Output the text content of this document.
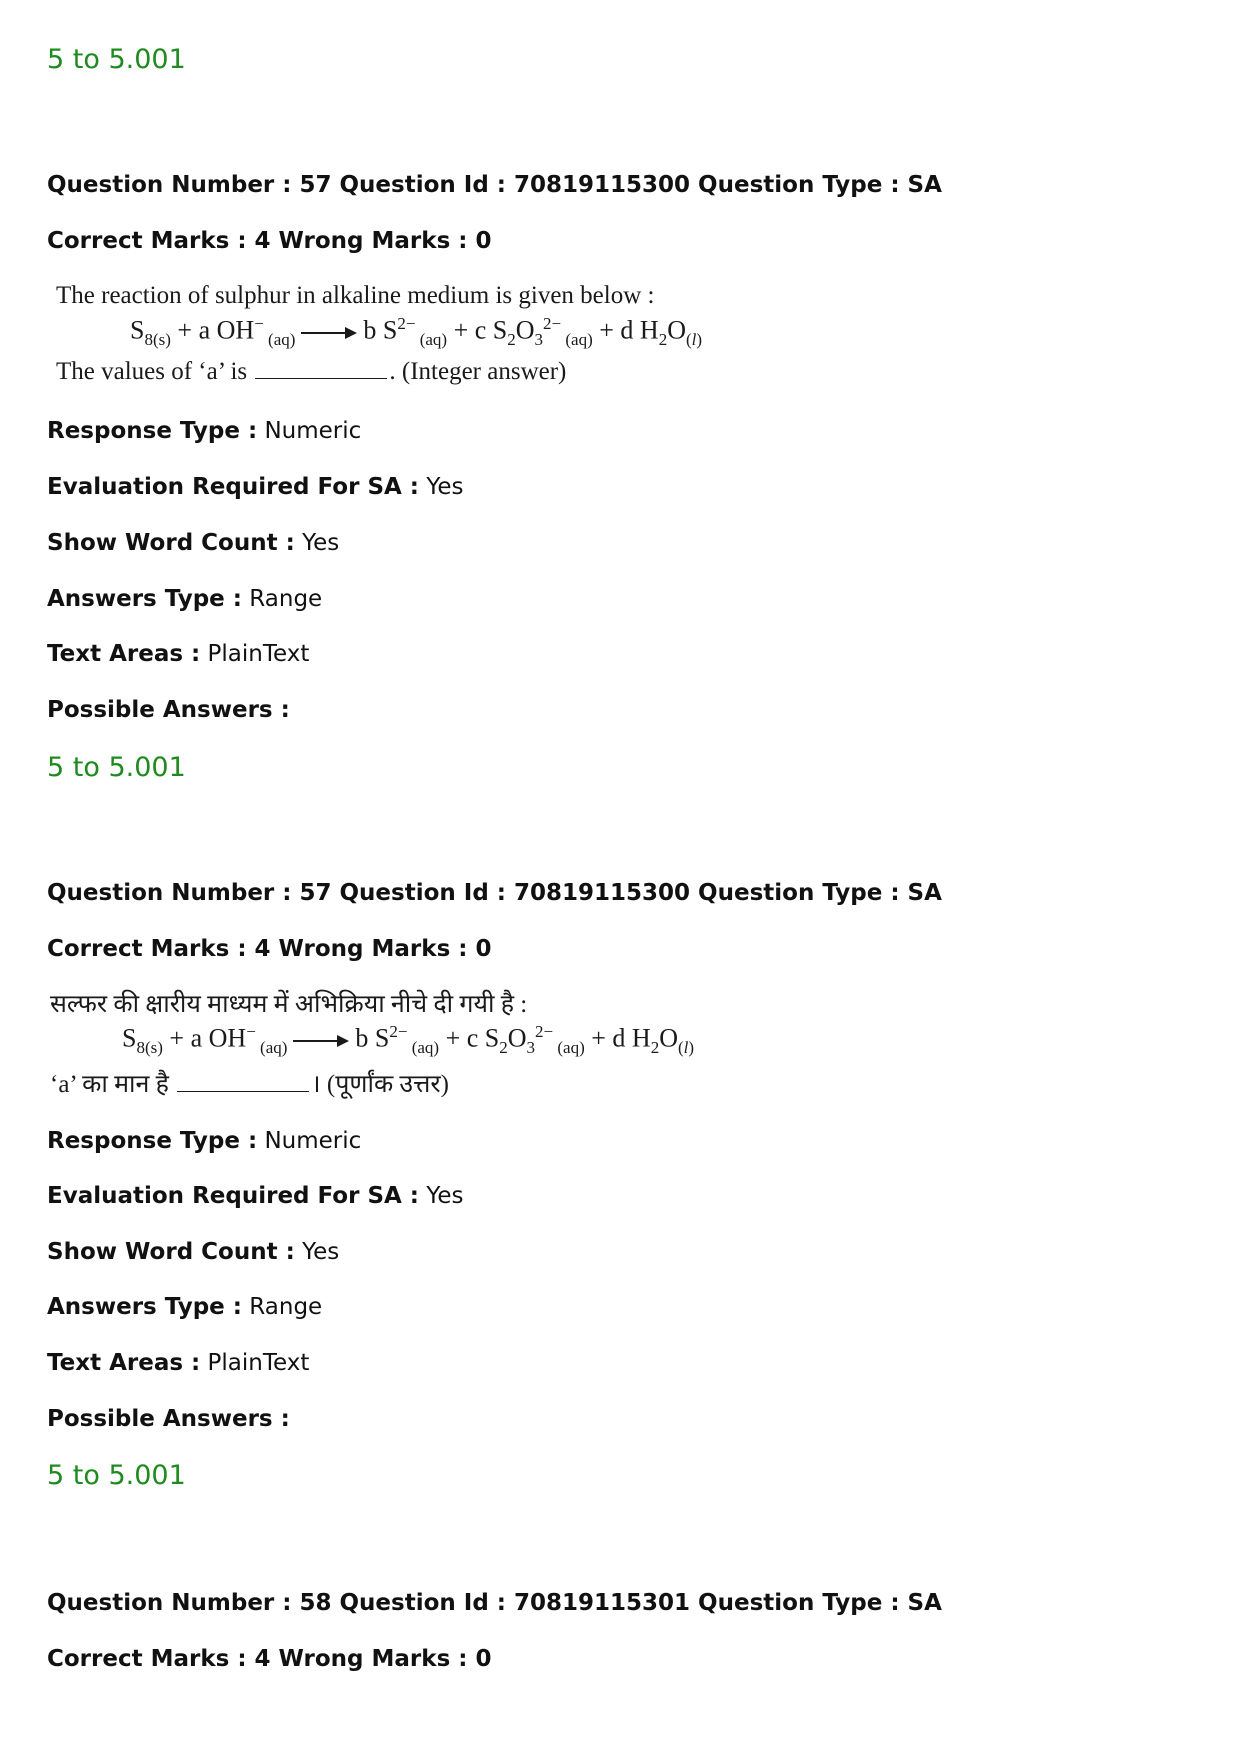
5 to 5.001
Question Number : 57 Question Id : 70819115300 Question Type : SA
Correct Marks : 4 Wrong Marks : 0
The reaction of sulphur in alkaline medium is given below :
$S_{8(s)} + a$ OH− $_{(aq)}$	b $S^{2-}$ $_{(aq)}$ + c $S_2O_3^{2-}$ $_{(aq)}$ + d $H_2O_{(l)}$
The values of ‘a’ is	. (Integer answer)
Response Type : Numeric
Evaluation Required For SA : Yes
Show Word Count : Yes
Answers Type : Range
Text Areas : PlainText
Possible Answers :
5 to 5.001
Question Number : 57 Question Id : 70819115300 Question Type : SA
Correct Marks : 4 Wrong Marks : 0
सल्फर की क्षारीय माध्यम में अभिक्रिया नीचे दी गयी है :
$S_{8(s)} + a$ OH− $_{(aq)}$	b $S^{2-}$ $_{(aq)}$ + c $S_2O_3^{2-}$ $_{(aq)}$ + d $H_2O_{(l)}$
‘a’ का मान है	। (पूर्णांक उत्तर)
Response Type : Numeric
Evaluation Required For SA : Yes
Show Word Count : Yes
Answers Type : Range
Text Areas : PlainText
Possible Answers :
5 to 5.001
Question Number : 58 Question Id : 70819115301 Question Type : SA
Correct Marks : 4 Wrong Marks : 0
